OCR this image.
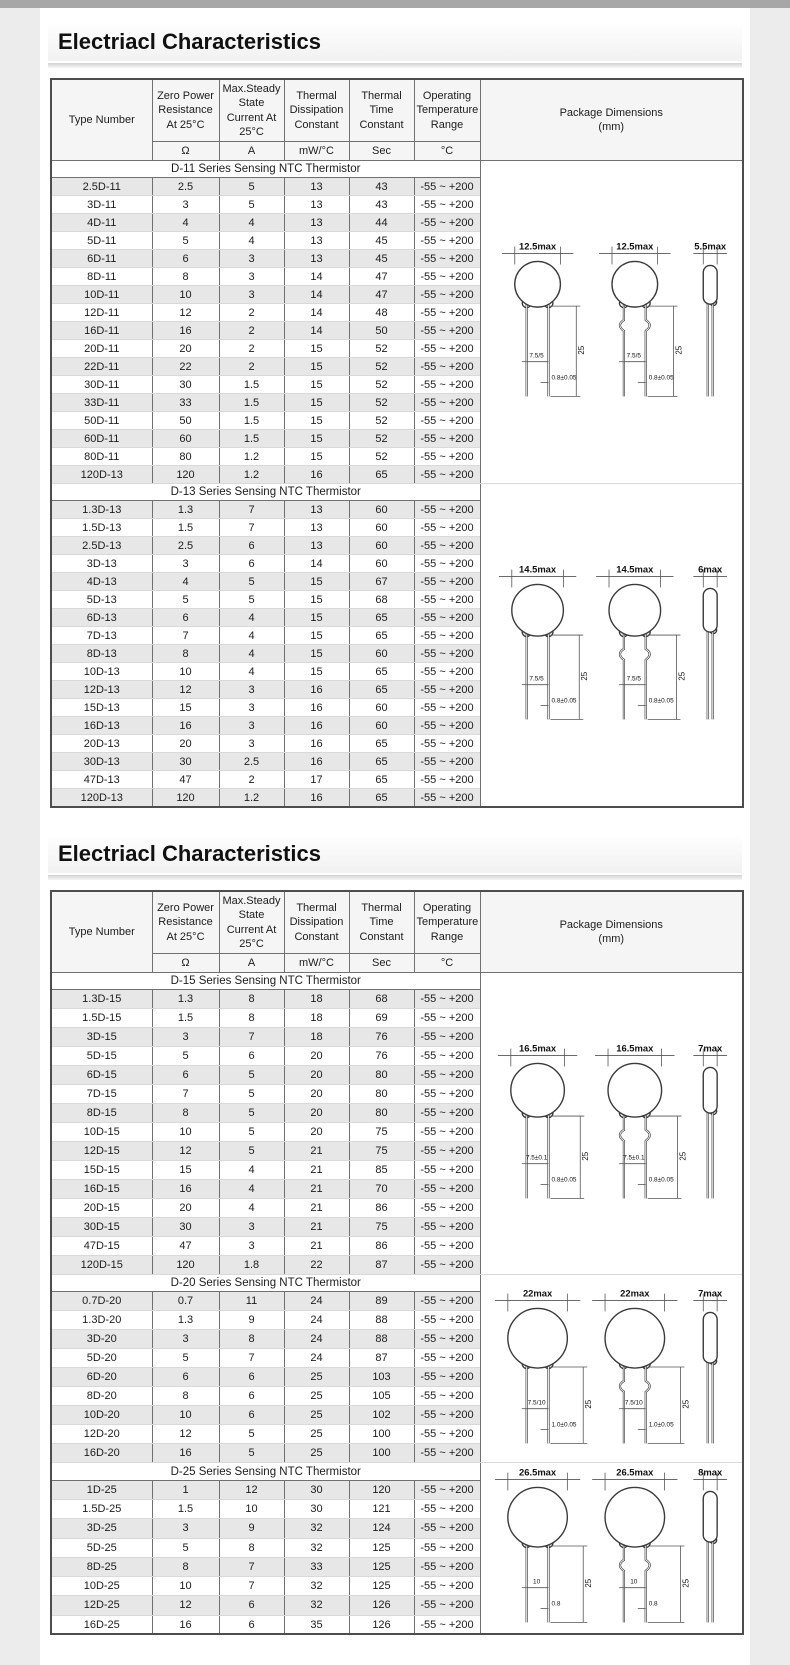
Electriacl Characteristics
Type Number	Zero Power Resistance At 25°C	Max.Steady State Current At 25°C	Thermal Dissipation Constant	Thermal Time Constant	Operating Temperature Range	Package Dimensions
(mm)

	Ω	A	mW/°C	Sec	°C	
D-11 Series Sensing NTC Thermistor	
12.5max
25
7.5/5
0.8±0.05
12.5max
25
7.5/5
0.8±0.05
5.5max

2.5D-11	2.5	5	13	43	-55 ~ +200	
3D-11	3	5	13	43	-55 ~ +200	
4D-11	4	4	13	44	-55 ~ +200	
5D-11	5	4	13	45	-55 ~ +200	
6D-11	6	3	13	45	-55 ~ +200	
8D-11	8	3	14	47	-55 ~ +200	
10D-11	10	3	14	47	-55 ~ +200	
12D-11	12	2	14	48	-55 ~ +200	
16D-11	16	2	14	50	-55 ~ +200	
20D-11	20	2	15	52	-55 ~ +200	
22D-11	22	2	15	52	-55 ~ +200	
30D-11	30	1.5	15	52	-55 ~ +200	
33D-11	33	1.5	15	52	-55 ~ +200	
50D-11	50	1.5	15	52	-55 ~ +200	
60D-11	60	1.5	15	52	-55 ~ +200	
80D-11	80	1.2	15	52	-55 ~ +200	
120D-13	120	1.2	16	65	-55 ~ +200	
D-13 Series Sensing NTC Thermistor	
14.5max
25
7.5/5
0.8±0.05
14.5max
25
7.5/5
0.8±0.05
6max

1.3D-13	1.3	7	13	60	-55 ~ +200	
1.5D-13	1.5	7	13	60	-55 ~ +200	
2.5D-13	2.5	6	13	60	-55 ~ +200	
3D-13	3	6	14	60	-55 ~ +200	
4D-13	4	5	15	67	-55 ~ +200	
5D-13	5	5	15	68	-55 ~ +200	
6D-13	6	4	15	65	-55 ~ +200	
7D-13	7	4	15	65	-55 ~ +200	
8D-13	8	4	15	60	-55 ~ +200	
10D-13	10	4	15	65	-55 ~ +200	
12D-13	12	3	16	65	-55 ~ +200	
15D-13	15	3	16	60	-55 ~ +200	
16D-13	16	3	16	60	-55 ~ +200	
20D-13	20	3	16	65	-55 ~ +200	
30D-13	30	2.5	16	65	-55 ~ +200	
47D-13	47	2	17	65	-55 ~ +200	
120D-13	120	1.2	16	65	-55 ~ +200	
Electriacl Characteristics
Type Number	Zero Power Resistance At 25°C	Max.Steady State Current At 25°C	Thermal Dissipation Constant	Thermal Time Constant	Operating Temperature Range	Package Dimensions
(mm)

	Ω	A	mW/°C	Sec	°C	
D-15 Series Sensing NTC Thermistor	
16.5max
25
7.5±0.1
0.8±0.05
16.5max
25
7.5±0.1
0.8±0.05
7max

1.3D-15	1.3	8	18	68	-55 ~ +200	
1.5D-15	1.5	8	18	69	-55 ~ +200	
3D-15	3	7	18	76	-55 ~ +200	
5D-15	5	6	20	76	-55 ~ +200	
6D-15	6	5	20	80	-55 ~ +200	
7D-15	7	5	20	80	-55 ~ +200	
8D-15	8	5	20	80	-55 ~ +200	
10D-15	10	5	20	75	-55 ~ +200	
12D-15	12	5	21	75	-55 ~ +200	
15D-15	15	4	21	85	-55 ~ +200	
16D-15	16	4	21	70	-55 ~ +200	
20D-15	20	4	21	86	-55 ~ +200	
30D-15	30	3	21	75	-55 ~ +200	
47D-15	47	3	21	86	-55 ~ +200	
120D-15	120	1.8	22	87	-55 ~ +200	
D-20 Series Sensing NTC Thermistor	
22max
25
7.5/10
1.0±0.05
22max
25
7.5/10
1.0±0.05
7max

0.7D-20	0.7	11	24	89	-55 ~ +200	
1.3D-20	1.3	9	24	88	-55 ~ +200	
3D-20	3	8	24	88	-55 ~ +200	
5D-20	5	7	24	87	-55 ~ +200	
6D-20	6	6	25	103	-55 ~ +200	
8D-20	8	6	25	105	-55 ~ +200	
10D-20	10	6	25	102	-55 ~ +200	
12D-20	12	5	25	100	-55 ~ +200	
16D-20	16	5	25	100	-55 ~ +200	
D-25 Series Sensing NTC Thermistor	26.5max
25
10
0.8
26.5max
25
10
0.8
8max

1D-25	1	12	30	120	-55 ~ +200	
1.5D-25	1.5	10	30	121	-55 ~ +200	
3D-25	3	9	32	124	-55 ~ +200	
5D-25	5	8	32	125	-55 ~ +200	
8D-25	8	7	33	125	-55 ~ +200	
10D-25	10	7	32	125	-55 ~ +200	
12D-25	12	6	32	126	-55 ~ +200	
16D-25	16	6	35	126	-55 ~ +200	
